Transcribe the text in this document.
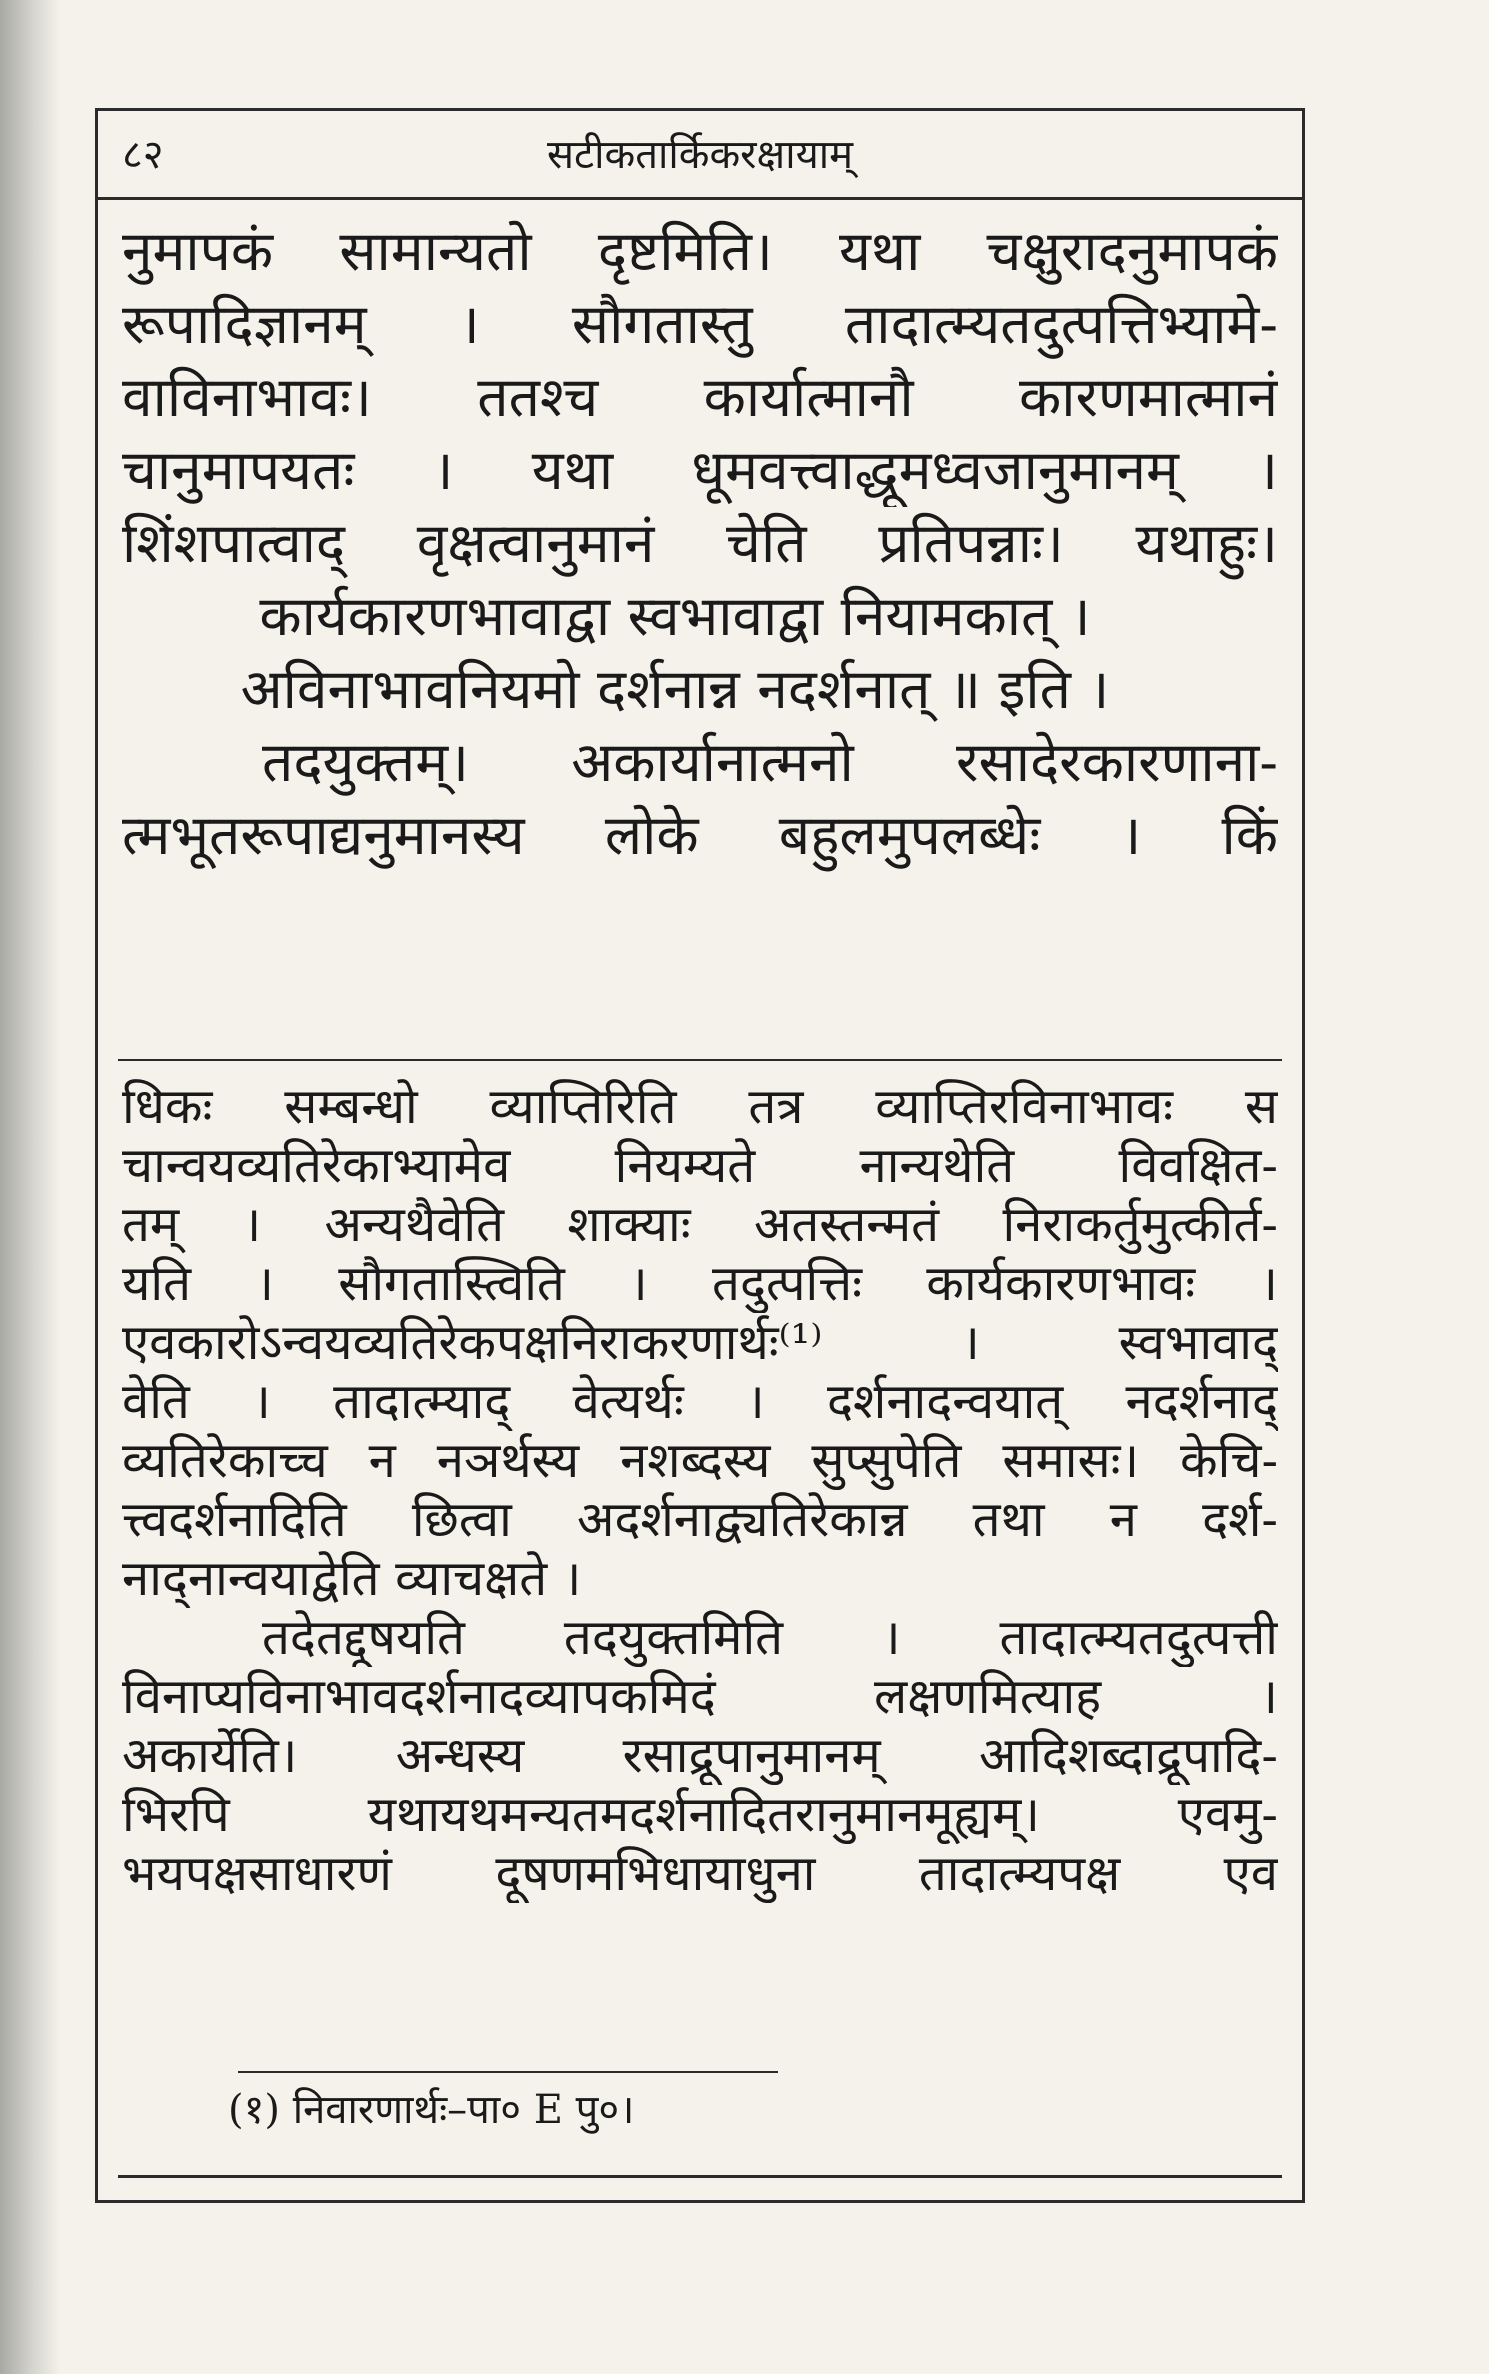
८२	सटीकतार्किकरक्षायाम्
नुमापकं सामान्यतो दृष्टमिति। यथा चक्षुरादनुमापकं
रूपादिज्ञानम् । सौगतास्तु तादात्म्यतदुत्पत्तिभ्यामे-
वाविनाभावः। ततश्च कार्यात्मानौ कारणमात्मानं
चानुमापयतः । यथा धूमवत्त्वाद्धूमध्वजानुमानम् ।
शिंशपात्वाद् वृक्षत्वानुमानं चेति प्रतिपन्नाः। यथाहुः।
कार्यकारणभावाद्वा स्वभावाद्वा नियामकात् ।
अविनाभावनियमो दर्शनान्न नदर्शनात् ॥ इति ।
तदयुक्तम्। अकार्यानात्मनो रसादेरकारणाना-
त्मभूतरूपाद्यनुमानस्य लोके बहुलमुपलब्धेः । किं
धिकः सम्बन्धो व्याप्तिरिति तत्र व्याप्तिरविनाभावः स
चान्वयव्यतिरेकाभ्यामेव नियम्यते नान्यथेति विवक्षित-
तम् । अन्यथैवेति शाक्याः अतस्तन्मतं निराकर्तुमुत्कीर्त-
यति । सौगतास्त्विति । तदुत्पत्तिः कार्यकारणभावः ।
एवकारोऽन्वयव्यतिरेकपक्षनिराकरणार्थः⁽¹⁾ । स्वभावाद्
वेति । तादात्म्याद् वेत्यर्थः । दर्शनादन्वयात् नदर्शनाद्
व्यतिरेकाच्च न नञर्थस्य नशब्दस्य सुप्सुपेति समासः। केचि-
त्त्वदर्शनादिति छित्वा अदर्शनाद्व्यतिरेकान्न तथा न दर्श-
नाद्नान्वयाद्वेति व्याचक्षते ।
तदेतद्दूषयति तदयुक्तमिति । तादात्म्यतदुत्पत्ती
विनाप्यविनाभावदर्शनादव्यापकमिदं लक्षणमित्याह ।
अकार्येति। अन्धस्य रसाद्रूपानुमानम् आदिशब्दाद्रूपादि-
भिरपि यथायथमन्यतमदर्शनादितरानुमानमूह्यम्। एवमु-
भयपक्षसाधारणं दूषणमभिधायाधुना तादात्म्यपक्ष एव
(१) निवारणार्थः–पा० E पु०।
